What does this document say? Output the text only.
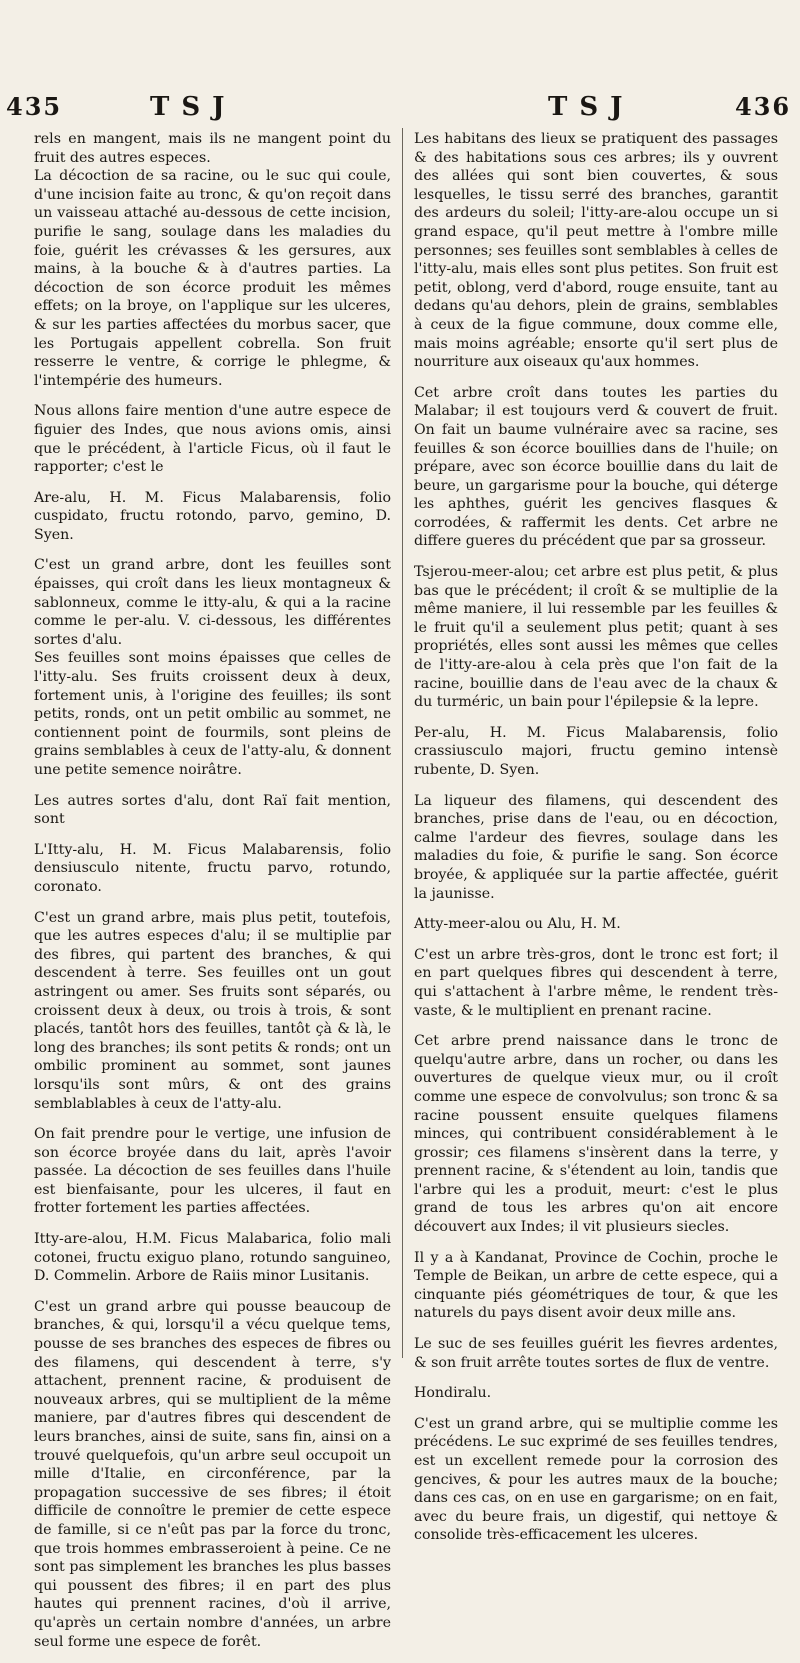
435	TSJ	TSJ	436

rels en mangent, mais ils ne mangent point du fruit des autres especes.

La décoction de sa racine, ou le suc qui coule, d'une incision faite au tronc, & qu'on reçoit dans un vaisseau attaché au-dessous de cette incision, purifie le sang, soulage dans les maladies du foie, guérit les crévasses & les gersures, aux mains, à la bouche & à d'autres parties. La décoction de son écorce produit les mêmes effets; on la broye, on l'applique sur les ulceres, & sur les parties affectées du morbus sacer, que les Portugais appellent cobrella. Son fruit resserre le ventre, & corrige le phlegme, & l'intempérie des humeurs.

Nous allons faire mention d'une autre espece de figuier des Indes, que nous avions omis, ainsi que le précédent, à l'article Ficus, où il faut le rapporter; c'est le

Are-alu, H. M. Ficus Malabarensis, folio cuspidato, fructu rotondo, parvo, gemino, D. Syen.

C'est un grand arbre, dont les feuilles sont épaisses, qui croît dans les lieux montagneux & sablonneux, comme le itty-alu, & qui a la racine comme le per-alu. V. ci-dessous, les différentes sortes d'alu.

Ses feuilles sont moins épaisses que celles de l'itty-alu. Ses fruits croissent deux à deux, fortement unis, à l'origine des feuilles; ils sont petits, ronds, ont un petit ombilic au sommet, ne contiennent point de fourmils, sont pleins de grains semblables à ceux de l'atty-alu, & donnent une petite semence noirâtre.

Les autres sortes d'alu, dont Raï fait mention, sont

L'Itty-alu, H. M. Ficus Malabarensis, folio densiusculo nitente, fructu parvo, rotundo, coronato.

C'est un grand arbre, mais plus petit, toutefois, que les autres especes d'alu; il se multiplie par des fibres, qui partent des branches, & qui descendent à terre. Ses feuilles ont un gout astringent ou amer. Ses fruits sont séparés, ou croissent deux à deux, ou trois à trois, & sont placés, tantôt hors des feuilles, tantôt çà & là, le long des branches; ils sont petits & ronds; ont un ombilic prominent au sommet, sont jaunes lorsqu'ils sont mûrs, & ont des grains semblablables à ceux de l'atty-alu.

On fait prendre pour le vertige, une infusion de son écorce broyée dans du lait, après l'avoir passée. La décoction de ses feuilles dans l'huile est bienfaisante, pour les ulceres, il faut en frotter fortement les parties affectées.

Itty-are-alou, H.M. Ficus Malabarica, folio mali cotonei, fructu exiguo plano, rotundo sanguineo, D. Commelin. Arbore de Raiis minor Lusitanis.

C'est un grand arbre qui pousse beaucoup de branches, & qui, lorsqu'il a vécu quelque tems, pousse de ses branches des especes de fibres ou des filamens, qui descendent à terre, s'y attachent, prennent racine, & produisent de nouveaux arbres, qui se multiplient de la même maniere, par d'autres fibres qui descendent de leurs branches, ainsi de suite, sans fin, ainsi on a trouvé quelquefois, qu'un arbre seul occupoit un mille d'Italie, en circonférence, par la propagation successive de ses fibres; il étoit difficile de connoître le premier de cette espece de famille, si ce n'eût pas par la force du tronc, que trois hommes embrasseroient à peine. Ce ne sont pas simplement les branches les plus basses qui poussent des fibres; il en part des plus hautes qui prennent racines, d'où il arrive, qu'après un certain nombre d'années, un arbre seul forme une espece de forêt.

Les habitans des lieux se pratiquent des passages & des habitations sous ces arbres; ils y ouvrent des allées qui sont bien couvertes, & sous lesquelles, le tissu serré des branches, garantit des ardeurs du soleil; l'itty-are-alou occupe un si grand espace, qu'il peut mettre à l'ombre mille personnes; ses feuilles sont semblables à celles de l'itty-alu, mais elles sont plus petites. Son fruit est petit, oblong, verd d'abord, rouge ensuite, tant au dedans qu'au dehors, plein de grains, semblables à ceux de la figue commune, doux comme elle, mais moins agréable; ensorte qu'il sert plus de nourriture aux oiseaux qu'aux hommes.

Cet arbre croît dans toutes les parties du Malabar; il est toujours verd & couvert de fruit. On fait un baume vulnéraire avec sa racine, ses feuilles & son écorce bouillies dans de l'huile; on prépare, avec son écorce bouillie dans du lait de beure, un gargarisme pour la bouche, qui déterge les aphthes, guérit les gencives flasques & corrodées, & raffermit les dents. Cet arbre ne differe gueres du précédent que par sa grosseur.

Tsjerou-meer-alou; cet arbre est plus petit, & plus bas que le précédent; il croît & se multiplie de la même maniere, il lui ressemble par les feuilles & le fruit qu'il a seulement plus petit; quant à ses propriétés, elles sont aussi les mêmes que celles de l'itty-are-alou à cela près que l'on fait de la racine, bouillie dans de l'eau avec de la chaux & du turméric, un bain pour l'épilepsie & la lepre.

Per-alu, H. M. Ficus Malabarensis, folio crassiusculo majori, fructu gemino intensè rubente, D. Syen.

La liqueur des filamens, qui descendent des branches, prise dans de l'eau, ou en décoction, calme l'ardeur des fievres, soulage dans les maladies du foie, & purifie le sang. Son écorce broyée, & appliquée sur la partie affectée, guérit la jaunisse.

Atty-meer-alou ou Alu, H. M.

C'est un arbre très-gros, dont le tronc est fort; il en part quelques fibres qui descendent à terre, qui s'attachent à l'arbre même, le rendent très-vaste, & le multiplient en prenant racine.

Cet arbre prend naissance dans le tronc de quelqu'autre arbre, dans un rocher, ou dans les ouvertures de quelque vieux mur, ou il croît comme une espece de convolvulus; son tronc & sa racine poussent ensuite quelques filamens minces, qui contribuent considérablement à le grossir; ces filamens s'insèrent dans la terre, y prennent racine, & s'étendent au loin, tandis que l'arbre qui les a produit, meurt: c'est le plus grand de tous les arbres qu'on ait encore découvert aux Indes; il vit plusieurs siecles.

Il y a à Kandanat, Province de Cochin, proche le Temple de Beikan, un arbre de cette espece, qui a cinquante piés géométriques de tour, & que les naturels du pays disent avoir deux mille ans.

Le suc de ses feuilles guérit les fievres ardentes, & son fruit arrête toutes sortes de flux de ventre.

Hondiralu.

C'est un grand arbre, qui se multiplie comme les précédens. Le suc exprimé de ses feuilles tendres, est un excellent remede pour la corrosion des gencives, & pour les autres maux de la bouche; dans ces cas, on en use en gargarisme; on en fait, avec du beure frais, un digestif, qui nettoye & consolide très-efficacement les ulceres.
